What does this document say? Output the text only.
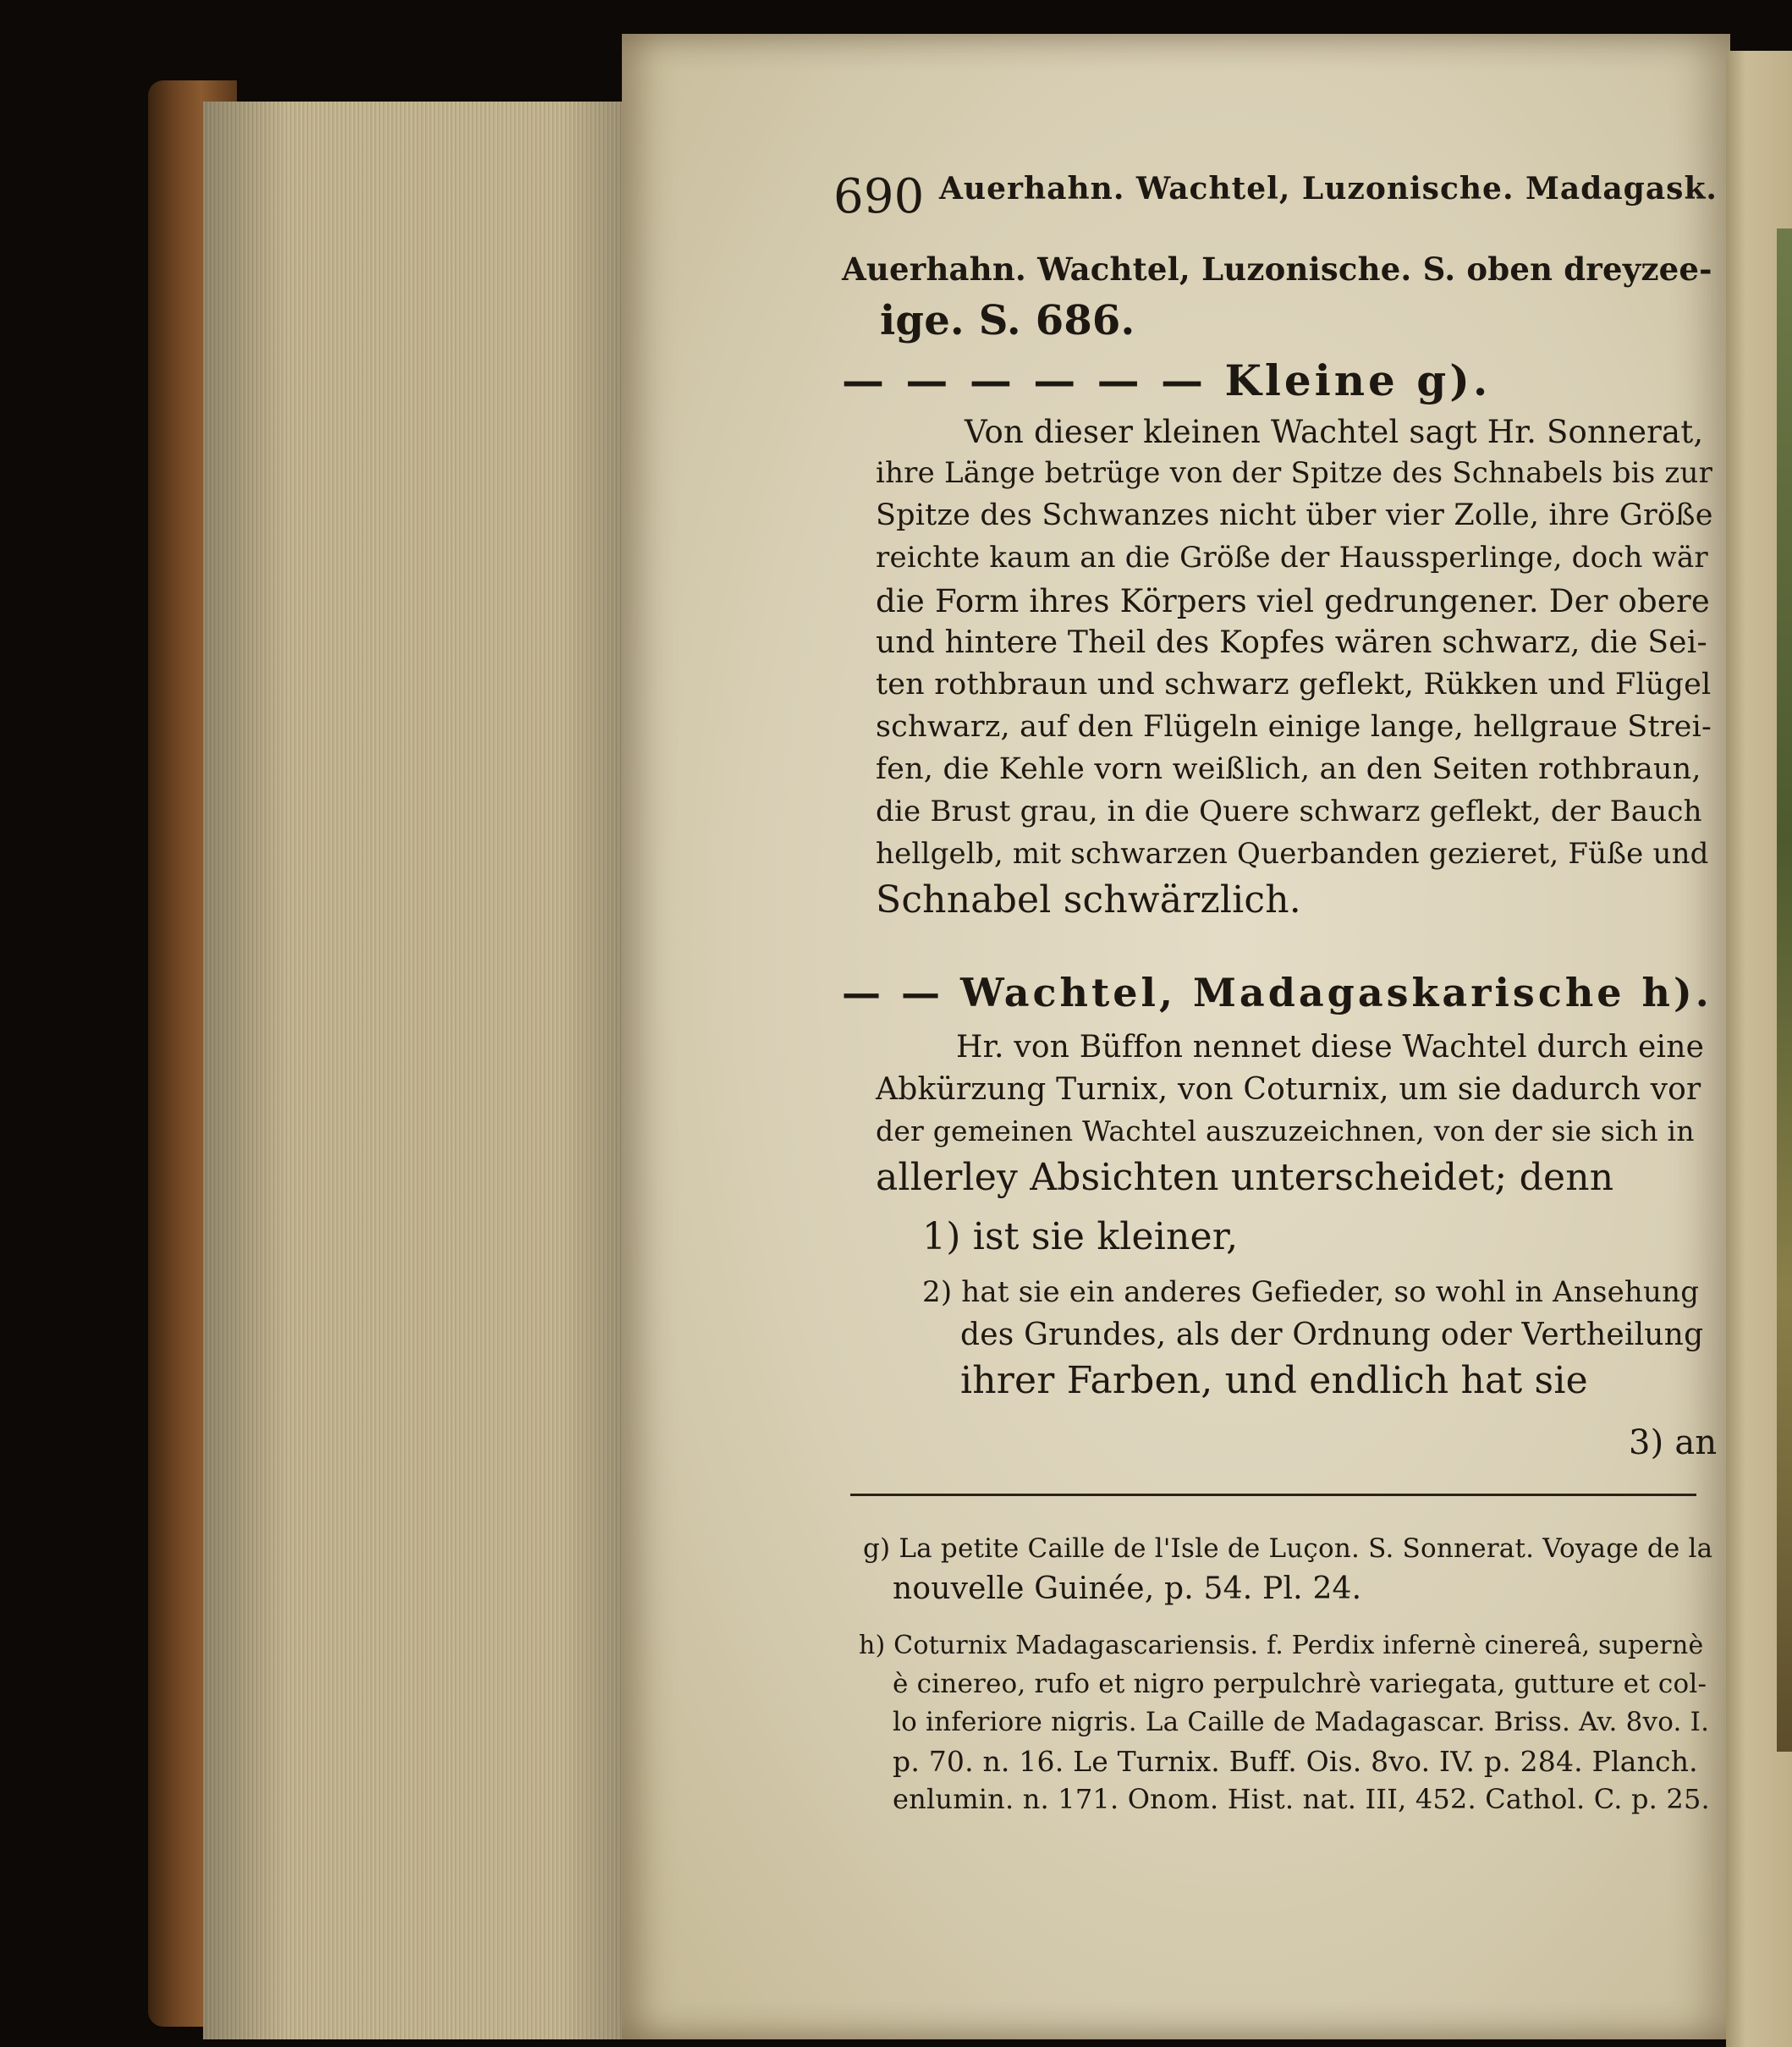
690 Auerhahn. Wachtel, Luzonische. Madagask.
Auerhahn. Wachtel, Luzonische. S. oben dreyzee-
ige. S. 686.
— — — — — — Kleine g).
Von dieser kleinen Wachtel sagt Hr. Sonnerat,
ihre Länge betrüge von der Spitze des Schnabels bis zur
Spitze des Schwanzes nicht über vier Zolle, ihre Größe
reichte kaum an die Größe der Haussperlinge, doch wär
die Form ihres Körpers viel gedrungener. Der obere
und hintere Theil des Kopfes wären schwarz, die Sei-
ten rothbraun und schwarz geflekt, Rükken und Flügel
schwarz, auf den Flügeln einige lange, hellgraue Strei-
fen, die Kehle vorn weißlich, an den Seiten rothbraun,
die Brust grau, in die Quere schwarz geflekt, der Bauch
hellgelb, mit schwarzen Querbanden gezieret, Füße und
Schnabel schwärzlich.
— — Wachtel, Madagaskarische h).
Hr. von Büffon nennet diese Wachtel durch eine
Abkürzung Turnix, von Coturnix, um sie dadurch vor
der gemeinen Wachtel auszuzeichnen, von der sie sich in
allerley Absichten unterscheidet; denn
1) ist sie kleiner,
2) hat sie ein anderes Gefieder, so wohl in Ansehung
des Grundes, als der Ordnung oder Vertheilung
ihrer Farben, und endlich hat sie
3) an
g) La petite Caille de l'Isle de Luçon. S. Sonnerat. Voyage de la
nouvelle Guinée, p. 54. Pl. 24.
h) Coturnix Madagascariensis. f. Perdix infernè cinereâ, supernè
è cinereo, rufo et nigro perpulchrè variegata, gutture et col-
lo inferiore nigris. La Caille de Madagascar. Briss. Av. 8vo. I.
p. 70. n. 16. Le Turnix. Buff. Ois. 8vo. IV. p. 284. Planch.
enlumin. n. 171. Onom. Hist. nat. III, 452. Cathol. C. p. 25.
